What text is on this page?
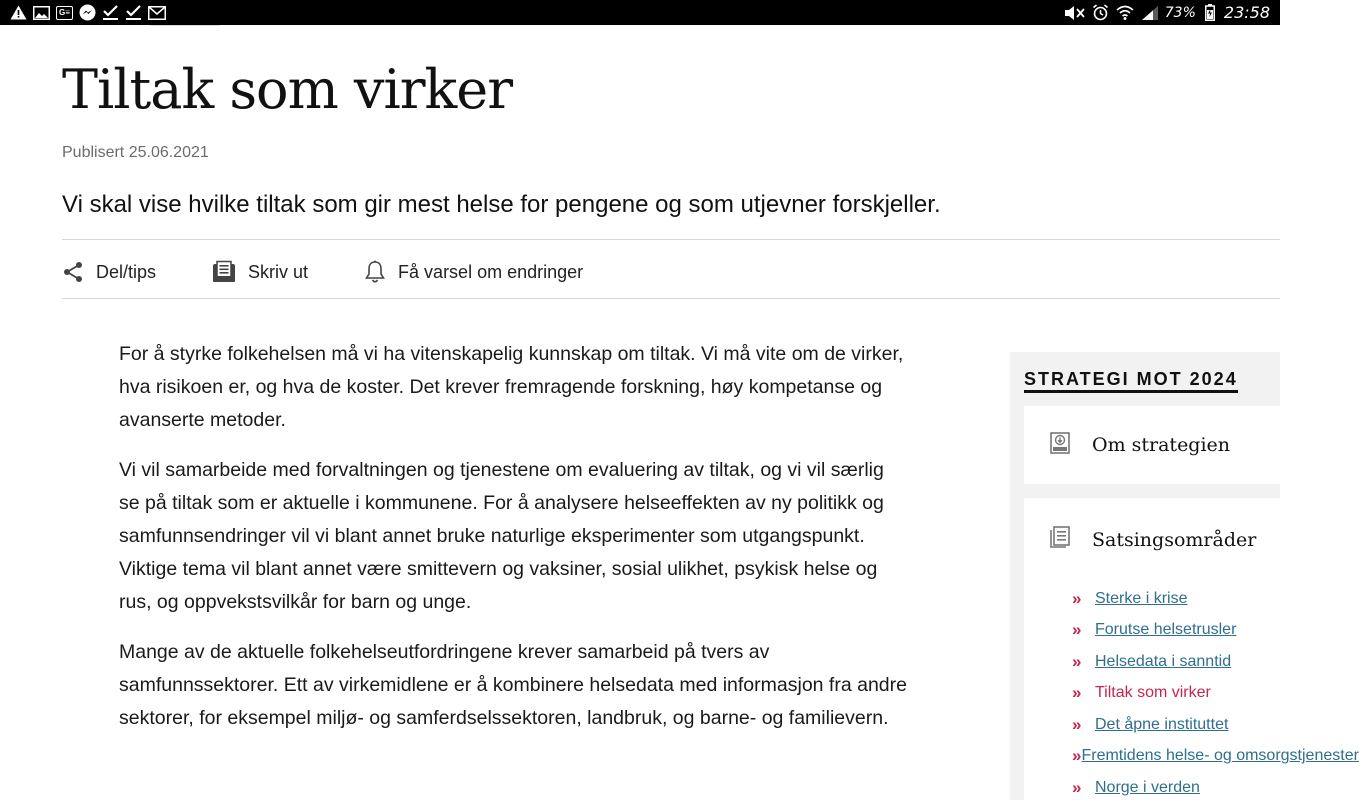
G≡	73% 23:58
Tiltak som virker
Publisert 25.06.2021
Vi skal vise hvilke tiltak som gir mest helse for pengene og som utjevner forskjeller.
Del/tips	Skriv ut	Få varsel om endringer

For å styrke folkehelsen må vi ha vitenskapelig kunnskap om tiltak. Vi må vite om de virker, hva risikoen er, og hva de koster. Det krever fremragende forskning, høy kompetanse og avanserte metoder.

Vi vil samarbeide med forvaltningen og tjenestene om evaluering av tiltak, og vi vil særlig se på tiltak som er aktuelle i kommunene. For å analysere helseeffekten av ny politikk og samfunnsendringer vil vi blant annet bruke naturlige eksperimenter som utgangspunkt. Viktige tema vil blant annet være smittevern og vaksiner, sosial ulikhet, psykisk helse og rus, og oppvekstsvilkår for barn og unge.

Mange av de aktuelle folkehelseutfordringene krever samarbeid på tvers av samfunnssektorer. Ett av virkemidlene er å kombinere helsedata med informasjon fra andre sektorer, for eksempel miljø- og samferdselssektoren, landbruk, og barne- og familievern.

STRATEGI MOT 2024
Om strategien
Satsingsområder
» Sterke i krise
» Forutse helsetrusler
» Helsedata i sanntid
» Tiltak som virker
» Det åpne instituttet
» Fremtidens helse- og omsorgstjenester
» Norge i verden
